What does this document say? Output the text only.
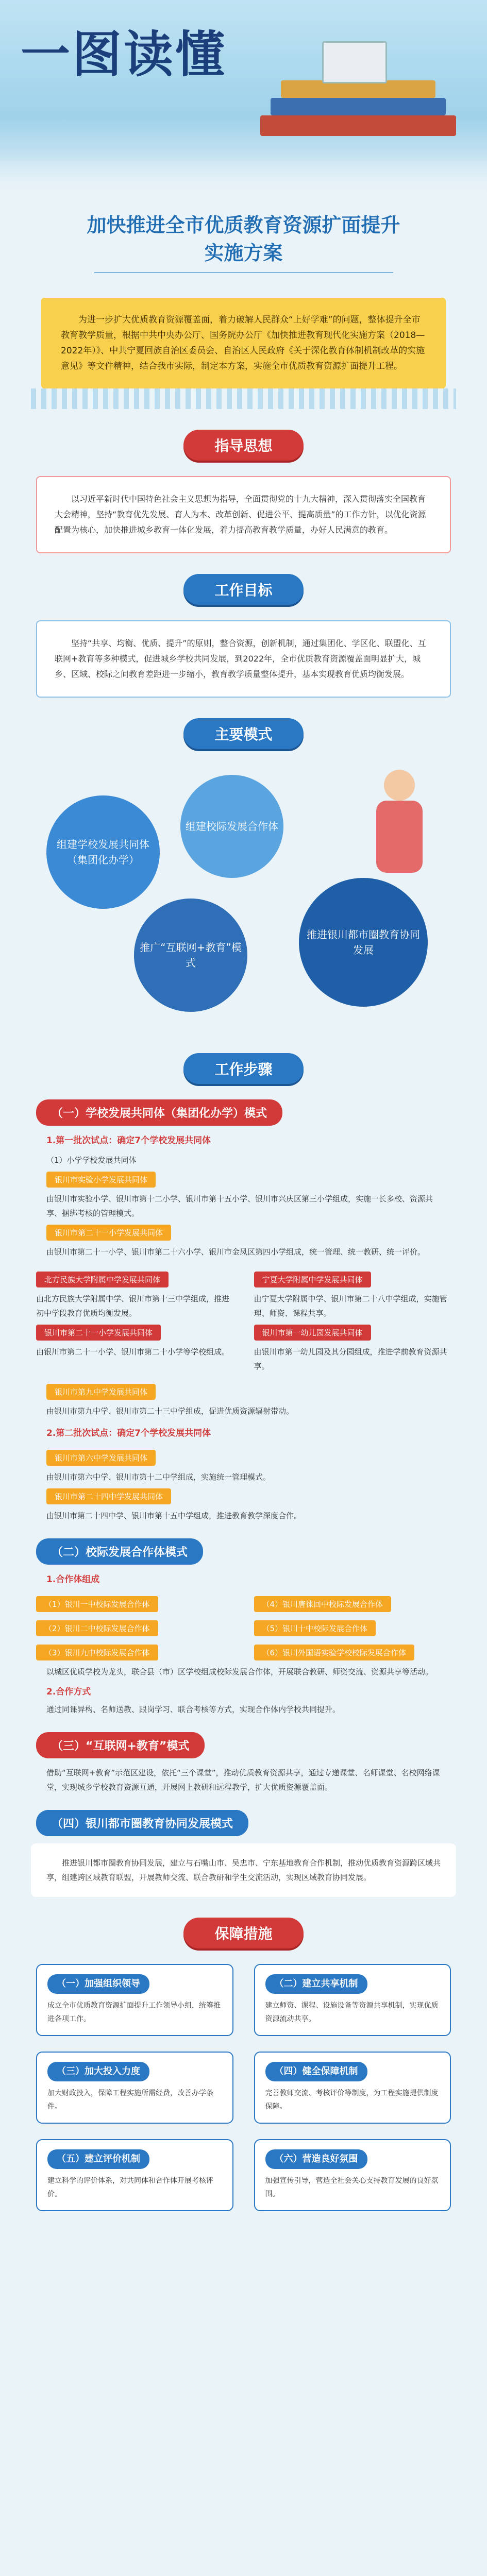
一图读懂
加快推进全市优质教育资源扩面提升
实施方案
为进一步扩大优质教育资源覆盖面，着力破解人民群众“上好学难”的问题，整体提升全市教育教学质量，根据中共中央办公厅、国务院办公厅《加快推进教育现代化实施方案（2018—2022年）》、中共宁夏回族自治区委员会、自治区人民政府《关于深化教育体制机制改革的实施意见》等文件精神，结合我市实际，制定本方案，实施全市优质教育资源扩面提升工程。
指导思想
以习近平新时代中国特色社会主义思想为指导，全面贯彻党的十九大精神，深入贯彻落实全国教育大会精神，坚持“教育优先发展、育人为本、改革创新、促进公平、提高质量”的工作方针，以优化资源配置为核心，加快推进城乡教育一体化发展，着力提高教育教学质量，办好人民满意的教育。
工作目标
坚持“共享、均衡、优质、提升”的原则，整合资源，创新机制，通过集团化、学区化、联盟化、互联网+教育等多种模式，促进城乡学校共同发展，到2022年，全市优质教育资源覆盖面明显扩大，城乡、区域、校际之间教育差距进一步缩小，教育教学质量整体提升，基本实现教育优质均衡发展。
主要模式
组建学校发展共同体（集团化办学）
组建校际发展合作体
推广“互联网+教育”模式
推进银川都市圈教育协同发展
工作步骤
（一）学校发展共同体（集团化办学）模式
1.第一批次试点：确定7个学校发展共同体
（1）小学学校发展共同体
银川市实验小学发展共同体
由银川市实验小学、银川市第十二小学、银川市第十五小学、银川市兴庆区第三小学组成，实施一长多校、资源共享、捆绑考核的管理模式。
银川市第二十一小学发展共同体
由银川市第二十一小学、银川市第二十六小学、银川市金凤区第四小学组成，统一管理、统一教研、统一评价。
北方民族大学附属中学发展共同体
由北方民族大学附属中学、银川市第十三中学组成，推进初中学段教育优质均衡发展。
银川市第二十一小学发展共同体
由银川市第二十一小学、银川市第二十小学等学校组成。
宁夏大学附属中学发展共同体
由宁夏大学附属中学、银川市第二十八中学组成，实施管理、师资、课程共享。
银川市第一幼儿园发展共同体
由银川市第一幼儿园及其分园组成，推进学前教育资源共享。
银川市第九中学发展共同体
由银川市第九中学、银川市第二十三中学组成，促进优质资源辐射带动。
2.第二批次试点：确定7个学校发展共同体
银川市第六中学发展共同体
由银川市第六中学、银川市第十二中学组成，实施统一管理模式。
银川市第二十四中学发展共同体
由银川市第二十四中学、银川市第十五中学组成，推进教育教学深度合作。
（二）校际发展合作体模式
1.合作体组成
（1）银川一中校际发展合作体
（2）银川二中校际发展合作体
（3）银川九中校际发展合作体
（4）银川唐徕回中校际发展合作体
（5）银川十中校际发展合作体
（6）银川外国语实验学校校际发展合作体
以城区优质学校为龙头，联合县（市）区学校组成校际发展合作体，开展联合教研、师资交流、资源共享等活动。
2.合作方式
通过同课异构、名师送教、跟岗学习、联合考核等方式，实现合作体内学校共同提升。
（三）“互联网+教育”模式
借助“互联网+教育”示范区建设，依托“三个课堂”，推动优质教育资源共享，通过专递课堂、名师课堂、名校网络课堂，实现城乡学校教育资源互通，开展网上教研和远程教学，扩大优质资源覆盖面。
（四）银川都市圈教育协同发展模式
推进银川都市圈教育协同发展，建立与石嘴山市、吴忠市、宁东基地教育合作机制，推动优质教育资源跨区域共享，组建跨区域教育联盟，开展教师交流、联合教研和学生交流活动，实现区域教育协同发展。
保障措施
（一）加强组织领导
成立全市优质教育资源扩面提升工作领导小组，统筹推进各项工作。
（二）建立共享机制
建立师资、课程、设施设备等资源共享机制，实现优质资源流动共享。
（三）加大投入力度
加大财政投入，保障工程实施所需经费，改善办学条件。
（四）健全保障机制
完善教师交流、考核评价等制度，为工程实施提供制度保障。
（五）建立评价机制
建立科学的评价体系，对共同体和合作体开展考核评价。
（六）营造良好氛围
加强宣传引导，营造全社会关心支持教育发展的良好氛围。
